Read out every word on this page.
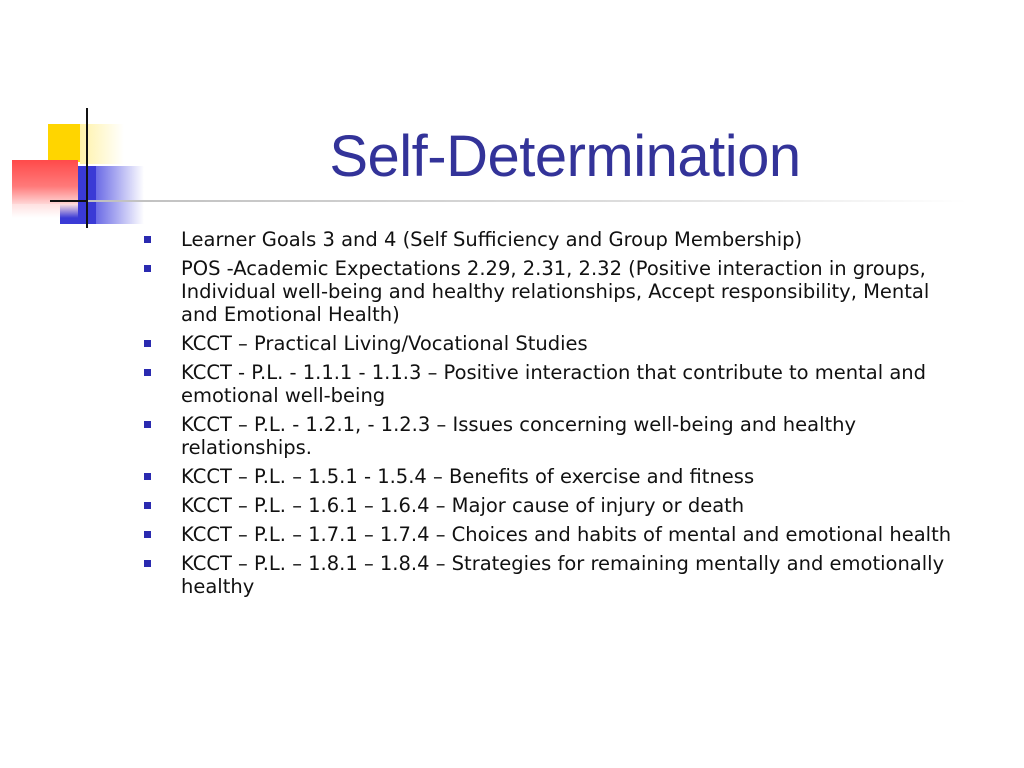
Self-Determination
Learner Goals 3 and 4 (Self Sufficiency and Group Membership)
POS -Academic Expectations 2.29, 2.31, 2.32 (Positive interaction in groups, Individual well-being and healthy relationships, Accept responsibility, Mental and Emotional Health)
KCCT – Practical Living/Vocational Studies
KCCT - P.L. - 1.1.1 - 1.1.3 – Positive interaction that contribute to mental and emotional well-being
KCCT – P.L. - 1.2.1, - 1.2.3 – Issues concerning well-being and healthy relationships.
KCCT – P.L. – 1.5.1 - 1.5.4 – Benefits of exercise and fitness
KCCT – P.L. – 1.6.1 – 1.6.4 – Major cause of injury or death
KCCT – P.L. – 1.7.1 – 1.7.4 – Choices and habits of mental and emotional health
KCCT – P.L. – 1.8.1 – 1.8.4 – Strategies for remaining mentally and emotionally healthy
